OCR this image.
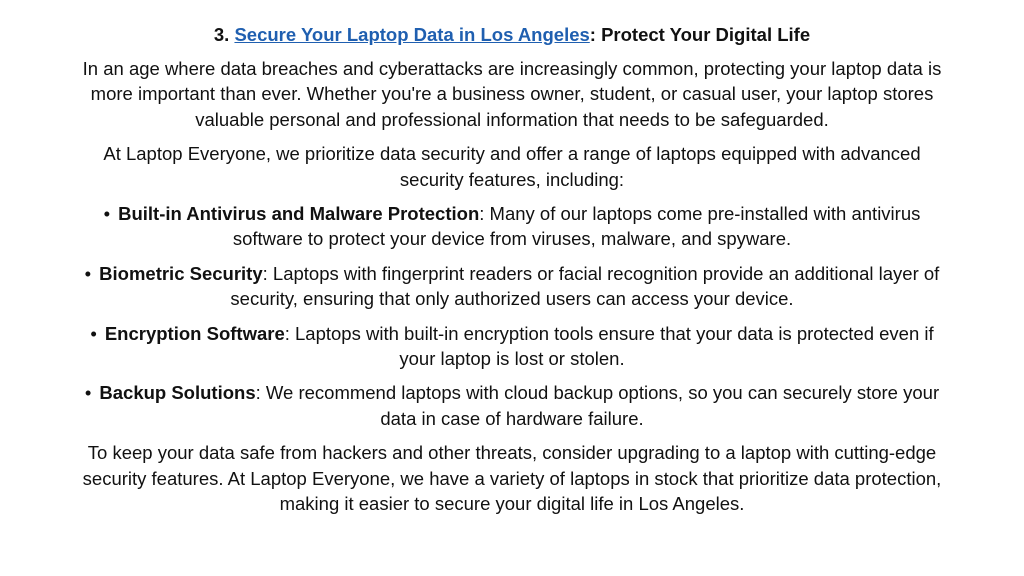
3. Secure Your Laptop Data in Los Angeles: Protect Your Digital Life

In an age where data breaches and cyberattacks are increasingly common, protecting your laptop data is more important than ever. Whether you're a business owner, student, or casual user, your laptop stores valuable personal and professional information that needs to be safeguarded.

At Laptop Everyone, we prioritize data security and offer a range of laptops equipped with advanced security features, including:

• Built-in Antivirus and Malware Protection: Many of our laptops come pre-installed with antivirus software to protect your device from viruses, malware, and spyware.
• Biometric Security: Laptops with fingerprint readers or facial recognition provide an additional layer of security, ensuring that only authorized users can access your device.
• Encryption Software: Laptops with built-in encryption tools ensure that your data is protected even if your laptop is lost or stolen.
• Backup Solutions: We recommend laptops with cloud backup options, so you can securely store your data in case of hardware failure.

To keep your data safe from hackers and other threats, consider upgrading to a laptop with cutting-edge security features. At Laptop Everyone, we have a variety of laptops in stock that prioritize data protection, making it easier to secure your digital life in Los Angeles.
